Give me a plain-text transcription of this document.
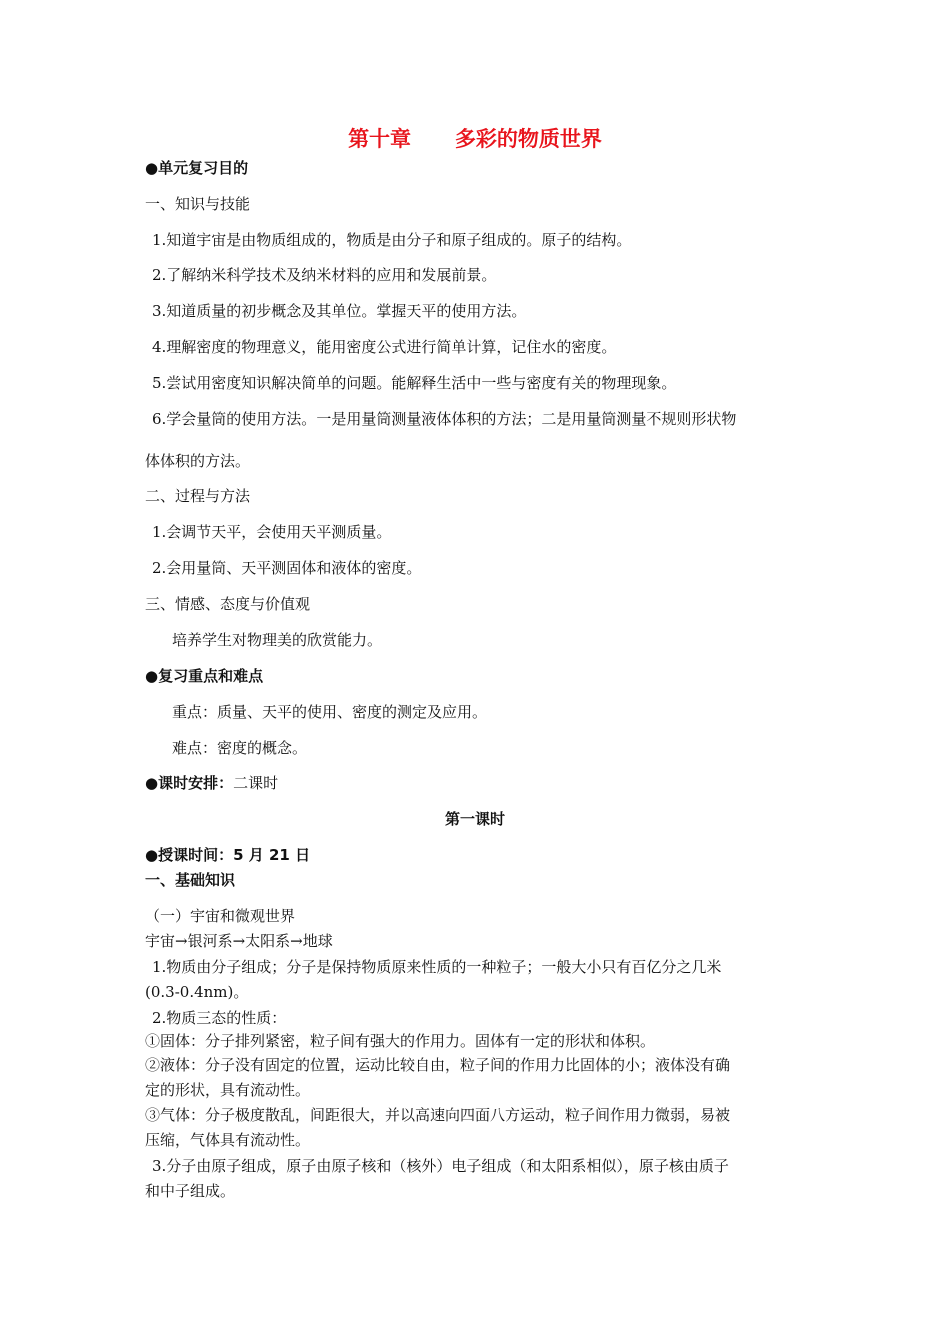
第十章      多彩的物质世界
●单元复习目的
一、知识与技能
1.知道宇宙是由物质组成的，物质是由分子和原子组成的。原子的结构。
2.了解纳米科学技术及纳米材料的应用和发展前景。
3.知道质量的初步概念及其单位。掌握天平的使用方法。
4.理解密度的物理意义，能用密度公式进行简单计算，记住水的密度。
5.尝试用密度知识解决简单的问题。能解释生活中一些与密度有关的物理现象。
6.学会量筒的使用方法。一是用量筒测量液体体积的方法；二是用量筒测量不规则形状物
体体积的方法。
二、过程与方法
1.会调节天平，会使用天平测质量。
2.会用量筒、天平测固体和液体的密度。
三、情感、态度与价值观
培养学生对物理美的欣赏能力。
●复习重点和难点
重点：质量、天平的使用、密度的测定及应用。
难点：密度的概念。
●课时安排：二课时
第一课时
●授课时间：5 月 21 日
一、基础知识
（一）宇宙和微观世界
宇宙→银河系→太阳系→地球
1.物质由分子组成；分子是保持物质原来性质的一种粒子；一般大小只有百亿分之几米
(0.3-0.4nm)。
2.物质三态的性质：
①固体：分子排列紧密，粒子间有强大的作用力。固体有一定的形状和体积。
②液体：分子没有固定的位置，运动比较自由，粒子间的作用力比固体的小；液体没有确
定的形状，具有流动性。
③气体：分子极度散乱，间距很大，并以高速向四面八方运动，粒子间作用力微弱，易被
压缩，气体具有流动性。
3.分子由原子组成，原子由原子核和（核外）电子组成（和太阳系相似），原子核由质子
和中子组成。
